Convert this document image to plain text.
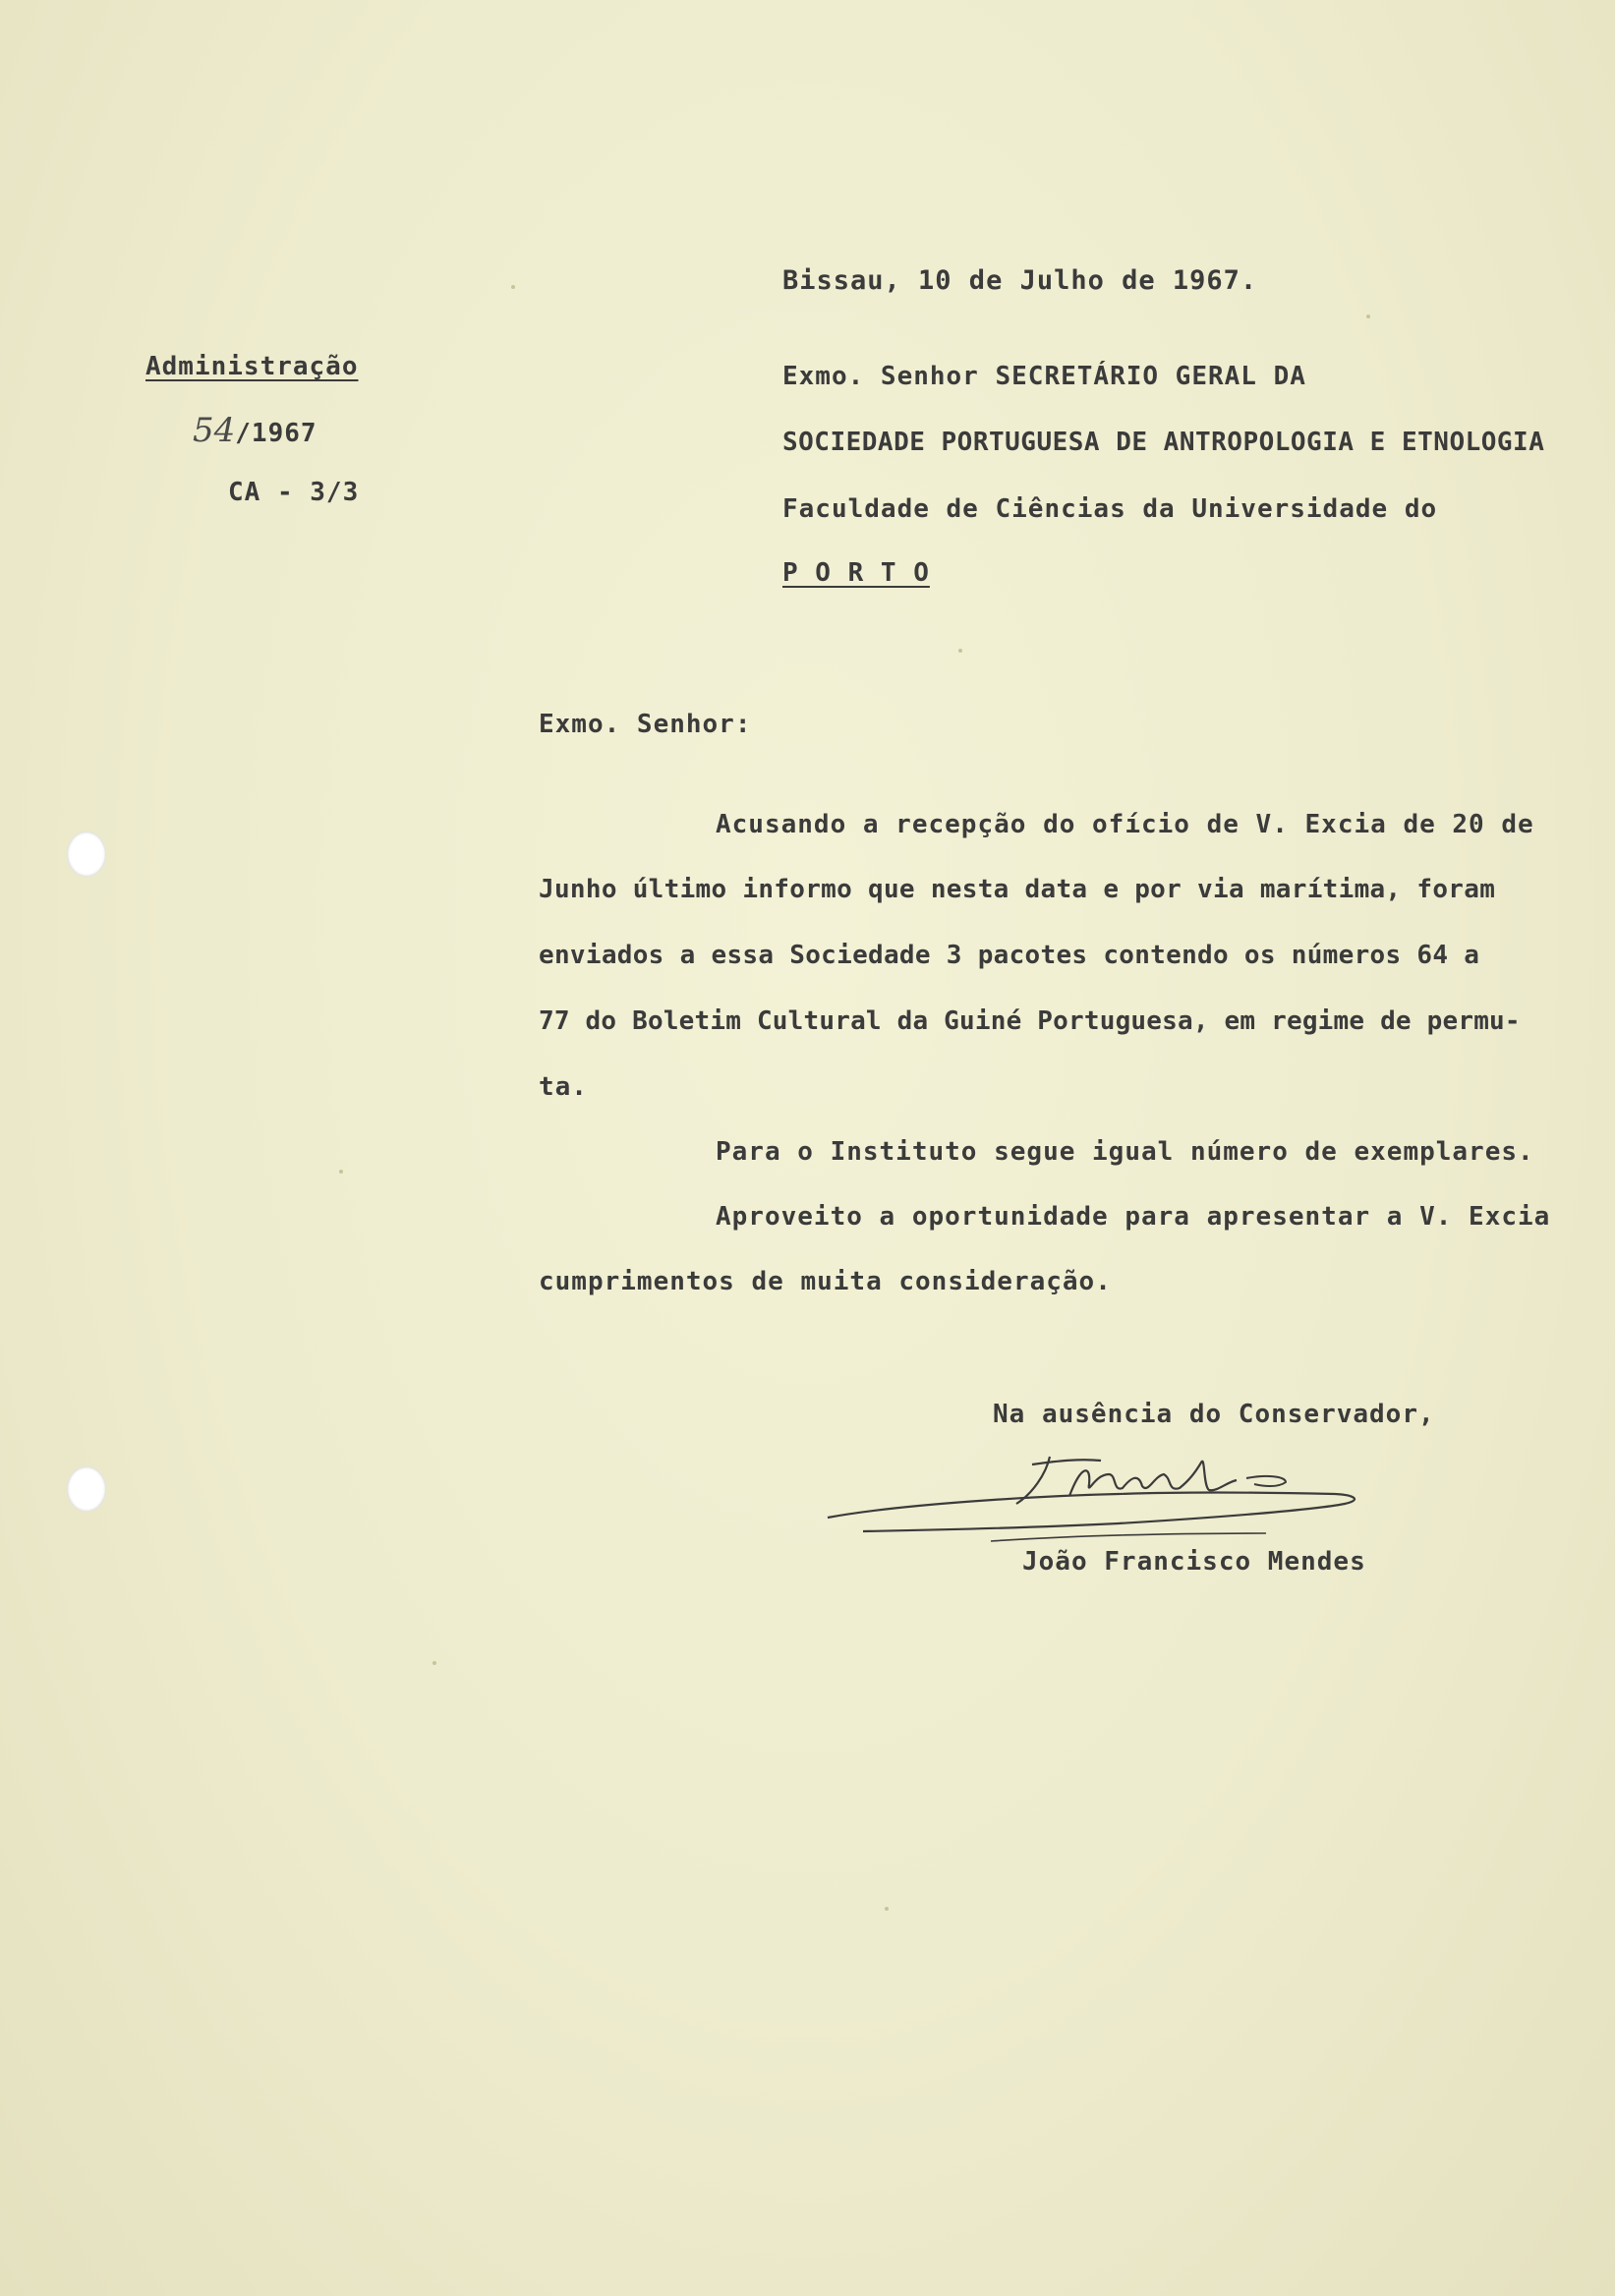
Administração
54/1967
CA - 3/3
Bissau, 10 de Julho de 1967.
Exmo. Senhor SECRETÁRIO GERAL DA
SOCIEDADE PORTUGUESA DE ANTROPOLOGIA E ETNOLOGIA
Faculdade de Ciências da Universidade do
P O R T O
Exmo. Senhor:
Acusando a recepção do ofício de V. Excia de 20 de
Junho último informo que nesta data e por via marítima, foram
enviados a essa Sociedade 3 pacotes contendo os números 64 a
77 do Boletim Cultural da Guiné Portuguesa, em regime de permu-
ta.
Para o Instituto segue igual número de exemplares.
Aproveito a oportunidade para apresentar a V. Excia
cumprimentos de muita consideração.
Na ausência do Conservador,
João Francisco Mendes
